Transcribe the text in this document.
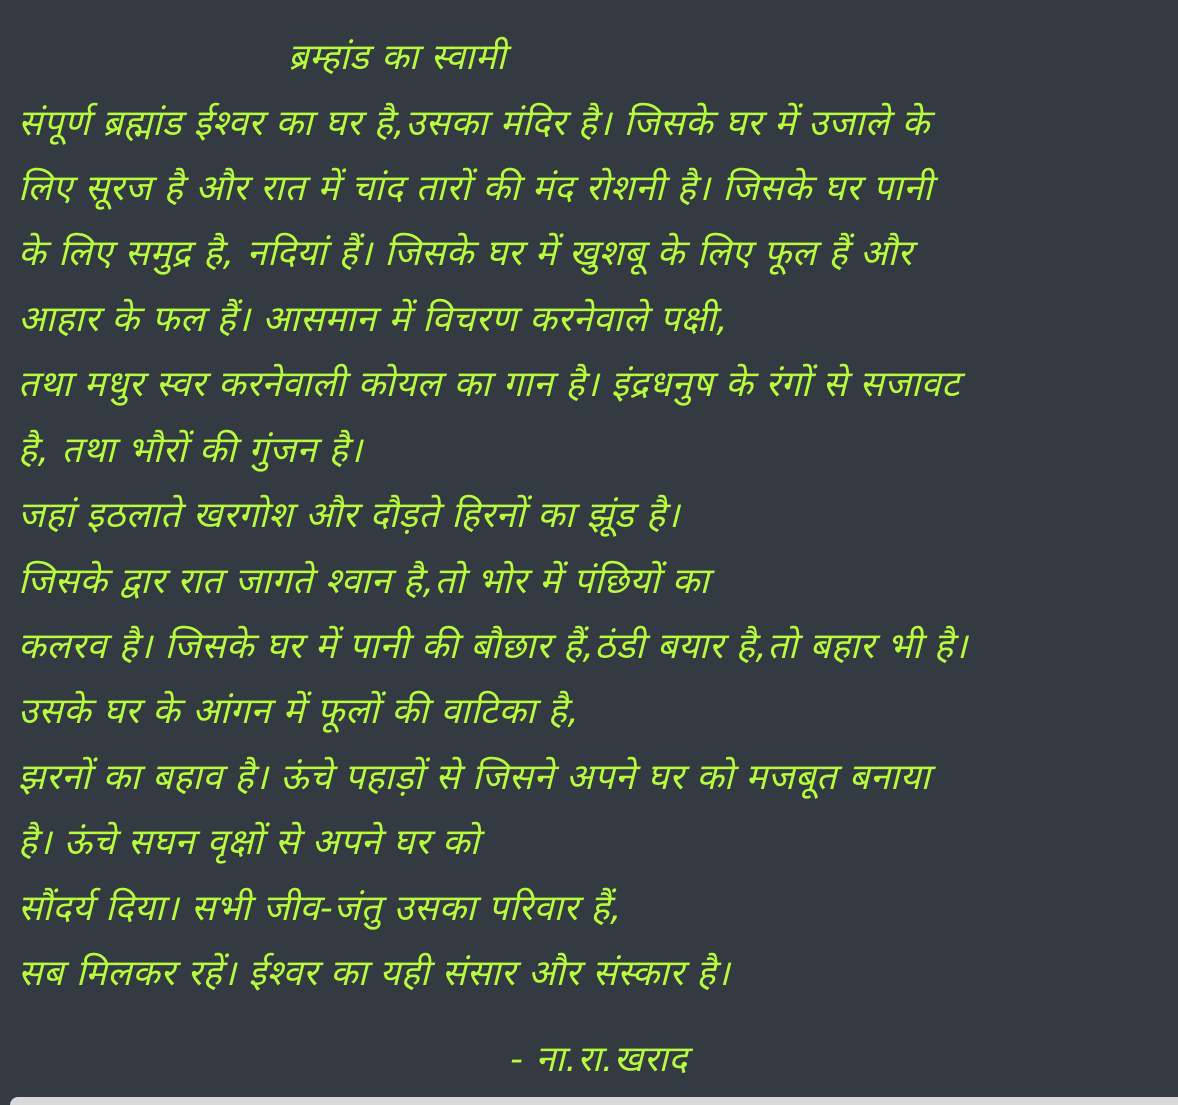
ब्रम्हांड का स्वामी
संपूर्ण ब्रह्मांड ईश्वर का घर है,उसका मंदिर है। जिसके घर में उजाले के
लिए सूरज है और रात में चांद तारों की मंद रोशनी है। जिसके घर पानी
के लिए समुद्र है, नदियां हैं। जिसके घर में खुशबू के लिए फूल हैं और
आहार के फल हैं। आसमान में विचरण करनेवाले पक्षी,
तथा मधुर स्वर करनेवाली कोयल का गान है। इंद्रधनुष के रंगों से सजावट
है, तथा भौरों की गुंजन है।
जहां इठलाते खरगोश और दौड़ते हिरनों का झूंड है।
जिसके द्वार रात जागते श्वान है,तो भोर में पंछियों का
कलरव है। जिसके घर में पानी की बौछार हैं,ठंडी बयार है,तो बहार भी है।
उसके घर के आंगन में फूलों की वाटिका है,
झरनों का बहाव है। ऊंचे पहाड़ों से जिसने अपने घर को मजबूत बनाया
है। ऊंचे सघन वृक्षों से अपने घर को
सौंदर्य दिया। सभी जीव-जंतु उसका परिवार हैं,
सब मिलकर रहें। ईश्वर का यही संसार और संस्कार है।
- ना.रा.खराद
